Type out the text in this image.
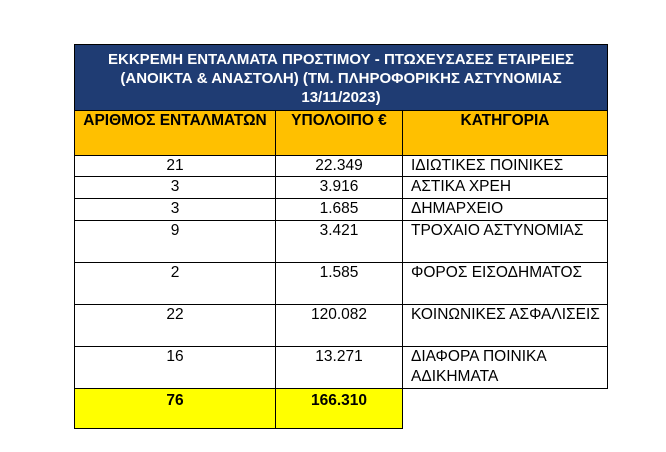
ΕΚΚΡΕΜΗ ΕΝΤΑΛΜΑΤΑ ΠΡΟΣΤΙΜΟΥ - ΠΤΩΧΕΥΣΑΣΕΣ ΕΤΑΙΡΕΙΕΣ (ΑΝΟΙΚΤΑ & ΑΝΑΣΤΟΛΗ) (ΤΜ. ΠΛΗΡΟΦΟΡΙΚΗΣ ΑΣΤΥΝΟΜΙΑΣ 13/11/2023)		
ΑΡΙΘΜΟΣ ΕΝΤΑΛΜΑΤΩΝ	ΥΠΟΛΟΙΠΟ €	ΚΑΤΗΓΟΡΙΑ
21	22.349	ΙΔΙΩΤΙΚΕΣ ΠΟΙΝΙΚΕΣ
3	3.916	ΑΣΤΙΚΑ ΧΡΕΗ
3	1.685	ΔΗΜΑΡΧΕΙΟ
9	3.421	ΤΡΟΧΑΙΟ ΑΣΤΥΝΟΜΙΑΣ
2	1.585	ΦΟΡΟΣ ΕΙΣΟΔΗΜΑΤΟΣ
22	120.082	ΚΟΙΝΩΝΙΚΕΣ ΑΣΦΑΛΙΣΕΙΣ
16	13.271	ΔΙΑΦΟΡΑ ΠΟΙΝΙΚΑ ΑΔΙΚΗΜΑΤΑ
76	166.310	
